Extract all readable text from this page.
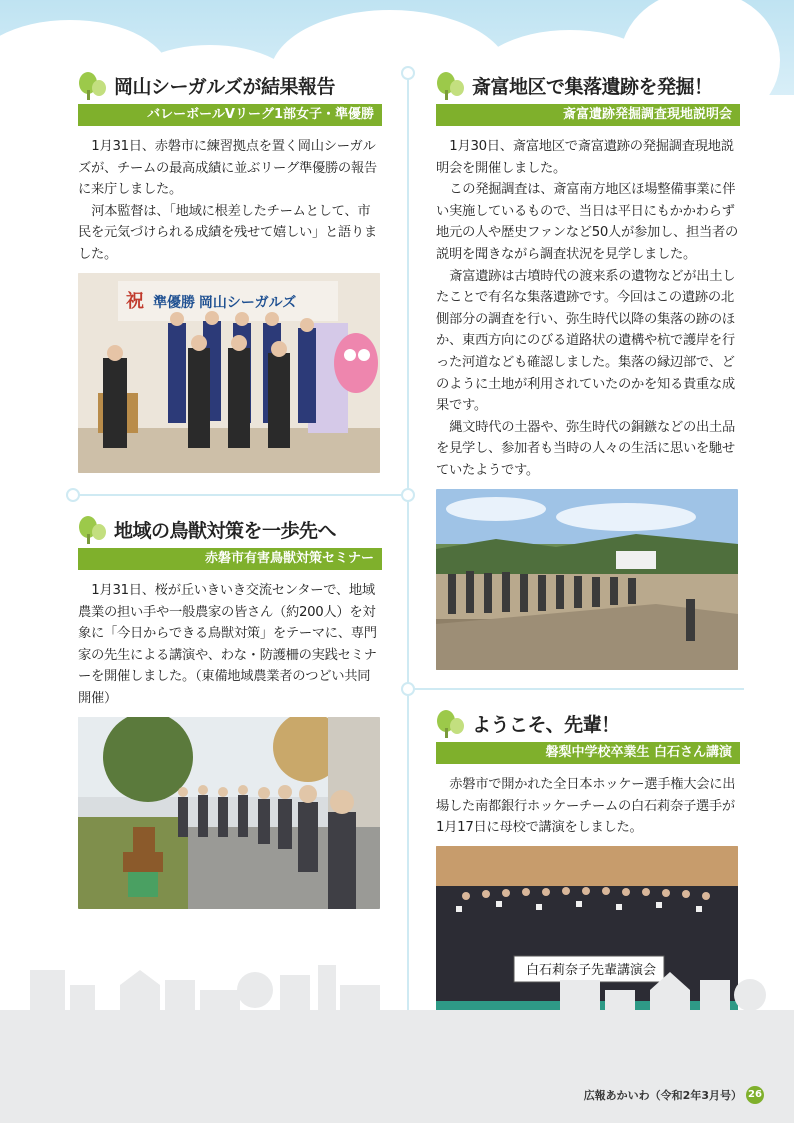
岡山シーガルズが結果報告
バレーボールVリーグ1部女子・準優勝

1月31日、赤磐市に練習拠点を置く岡山シーガルズが、チームの最高成績に並ぶリーグ準優勝の報告に来庁しました。

河本監督は、「地域に根差したチームとして、市民を元気づけられる成績を残せて嬉しい」と語りました。

祝 準優勝 岡山シーガルズ
斎富地区で集落遺跡を発掘！
斎富遺跡発掘調査現地説明会

1月30日、斎富地区で斎富遺跡の発掘調査現地説明会を開催しました。

この発掘調査は、斎富南方地区ほ場整備事業に伴い実施しているもので、当日は平日にもかかわらず地元の人や歴史ファンなど50人が参加し、担当者の説明を聞きながら調査状況を見学しました。

斎富遺跡は古墳時代の渡来系の遺物などが出土したことで有名な集落遺跡です。今回はこの遺跡の北側部分の調査を行い、弥生時代以降の集落の跡のほか、東西方向にのびる道路状の遺構や杭で護岸を行った河道なども確認しました。集落の縁辺部で、どのように土地が利用されていたのかを知る貴重な成果です。

縄文時代の土器や、弥生時代の銅鏃などの出土品を見学し、参加者も当時の人々の生活に思いを馳せていたようです。

地域の鳥獣対策を一歩先へ
赤磐市有害鳥獣対策セミナー

1月31日、桜が丘いきいき交流センターで、地域農業の担い手や一般農家の皆さん（約200人）を対象に「今日からできる鳥獣対策」をテーマに、専門家の先生による講演や、わな・防護柵の実践セミナーを開催しました。（東備地域農業者のつどい共同開催）

ようこそ、先輩！
磐梨中学校卒業生 白石さん講演

赤磐市で開かれた全日本ホッケー選手権大会に出場した南都銀行ホッケーチームの白石莉奈子選手が1月17日に母校で講演をしました。

白石莉奈子先輩講演会
広報あかいわ（令和2年3月号） 26
